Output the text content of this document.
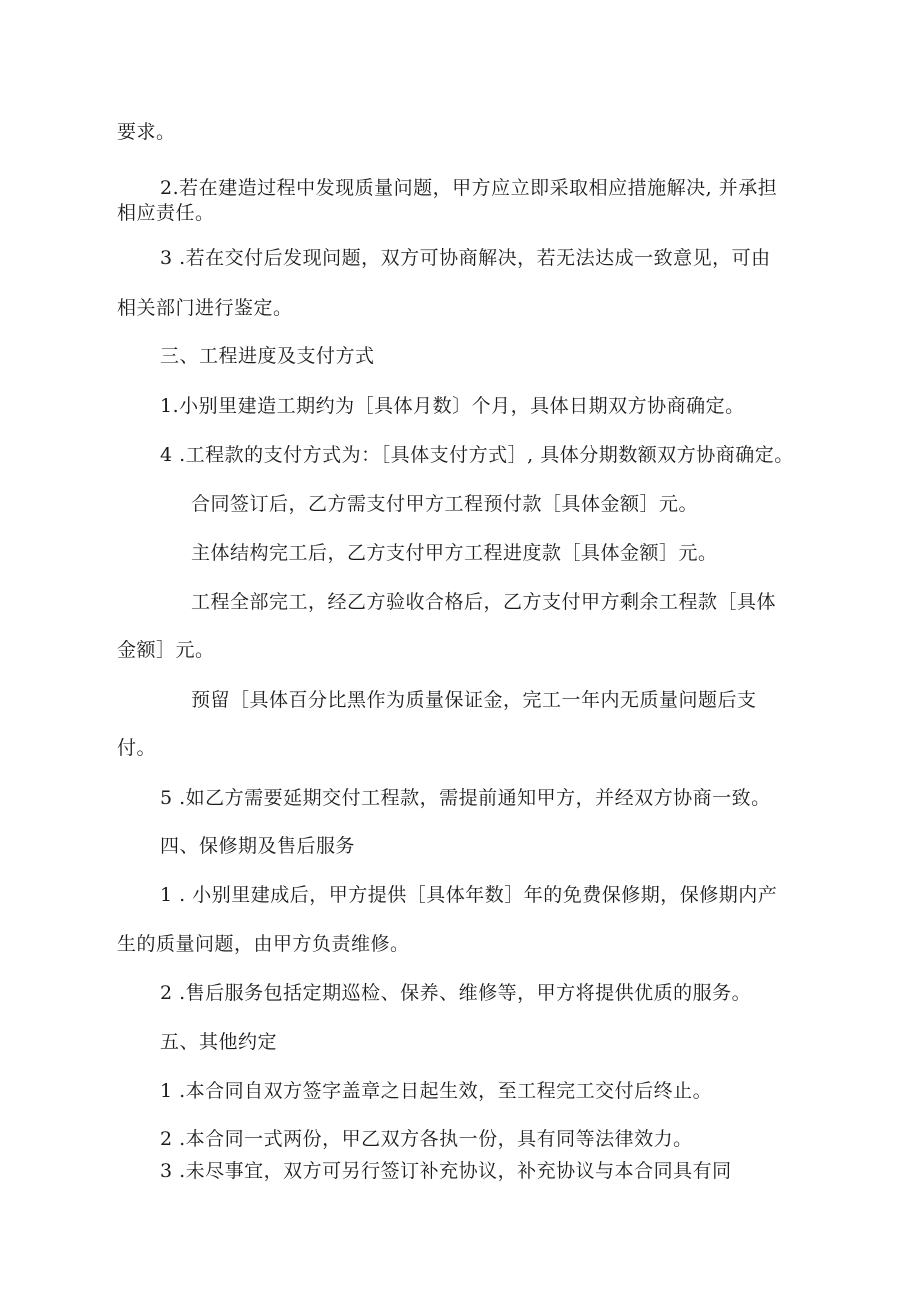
要求。
2.若在建造过程中发现质量问题，甲方应立即采取相应措施解决, 并承担
相应责任。
3 .若在交付后发现问题，双方可协商解决，若无法达成一致意见，可由
相关部门进行鉴定。
三、工程进度及支付方式
1.小别里建造工期约为［具体月数〕个月，具体日期双方协商确定。
4 .工程款的支付方式为：［具体支付方式］, 具体分期数额双方协商确定。
合同签订后，乙方需支付甲方工程预付款［具体金额］元。
主体结构完工后，乙方支付甲方工程进度款［具体金额］元。
工程全部完工，经乙方验收合格后，乙方支付甲方剩余工程款［具体
金额］元。
预留［具体百分比黑作为质量保证金，完工一年内无质量问题后支
付。
5 .如乙方需要延期交付工程款，需提前通知甲方，并经双方协商一致。
四、保修期及售后服务
1 . 小别里建成后，甲方提供［具体年数］年的免费保修期，保修期内产
生的质量问题，由甲方负责维修。
2 .售后服务包括定期巡检、保养、维修等，甲方将提供优质的服务。
五、其他约定
1 .本合同自双方签字盖章之日起生效，至工程完工交付后终止。
2 .本合同一式两份，甲乙双方各执一份，具有同等法律效力。
3 .未尽事宜，双方可另行签订补充协议，补充协议与本合同具有同
